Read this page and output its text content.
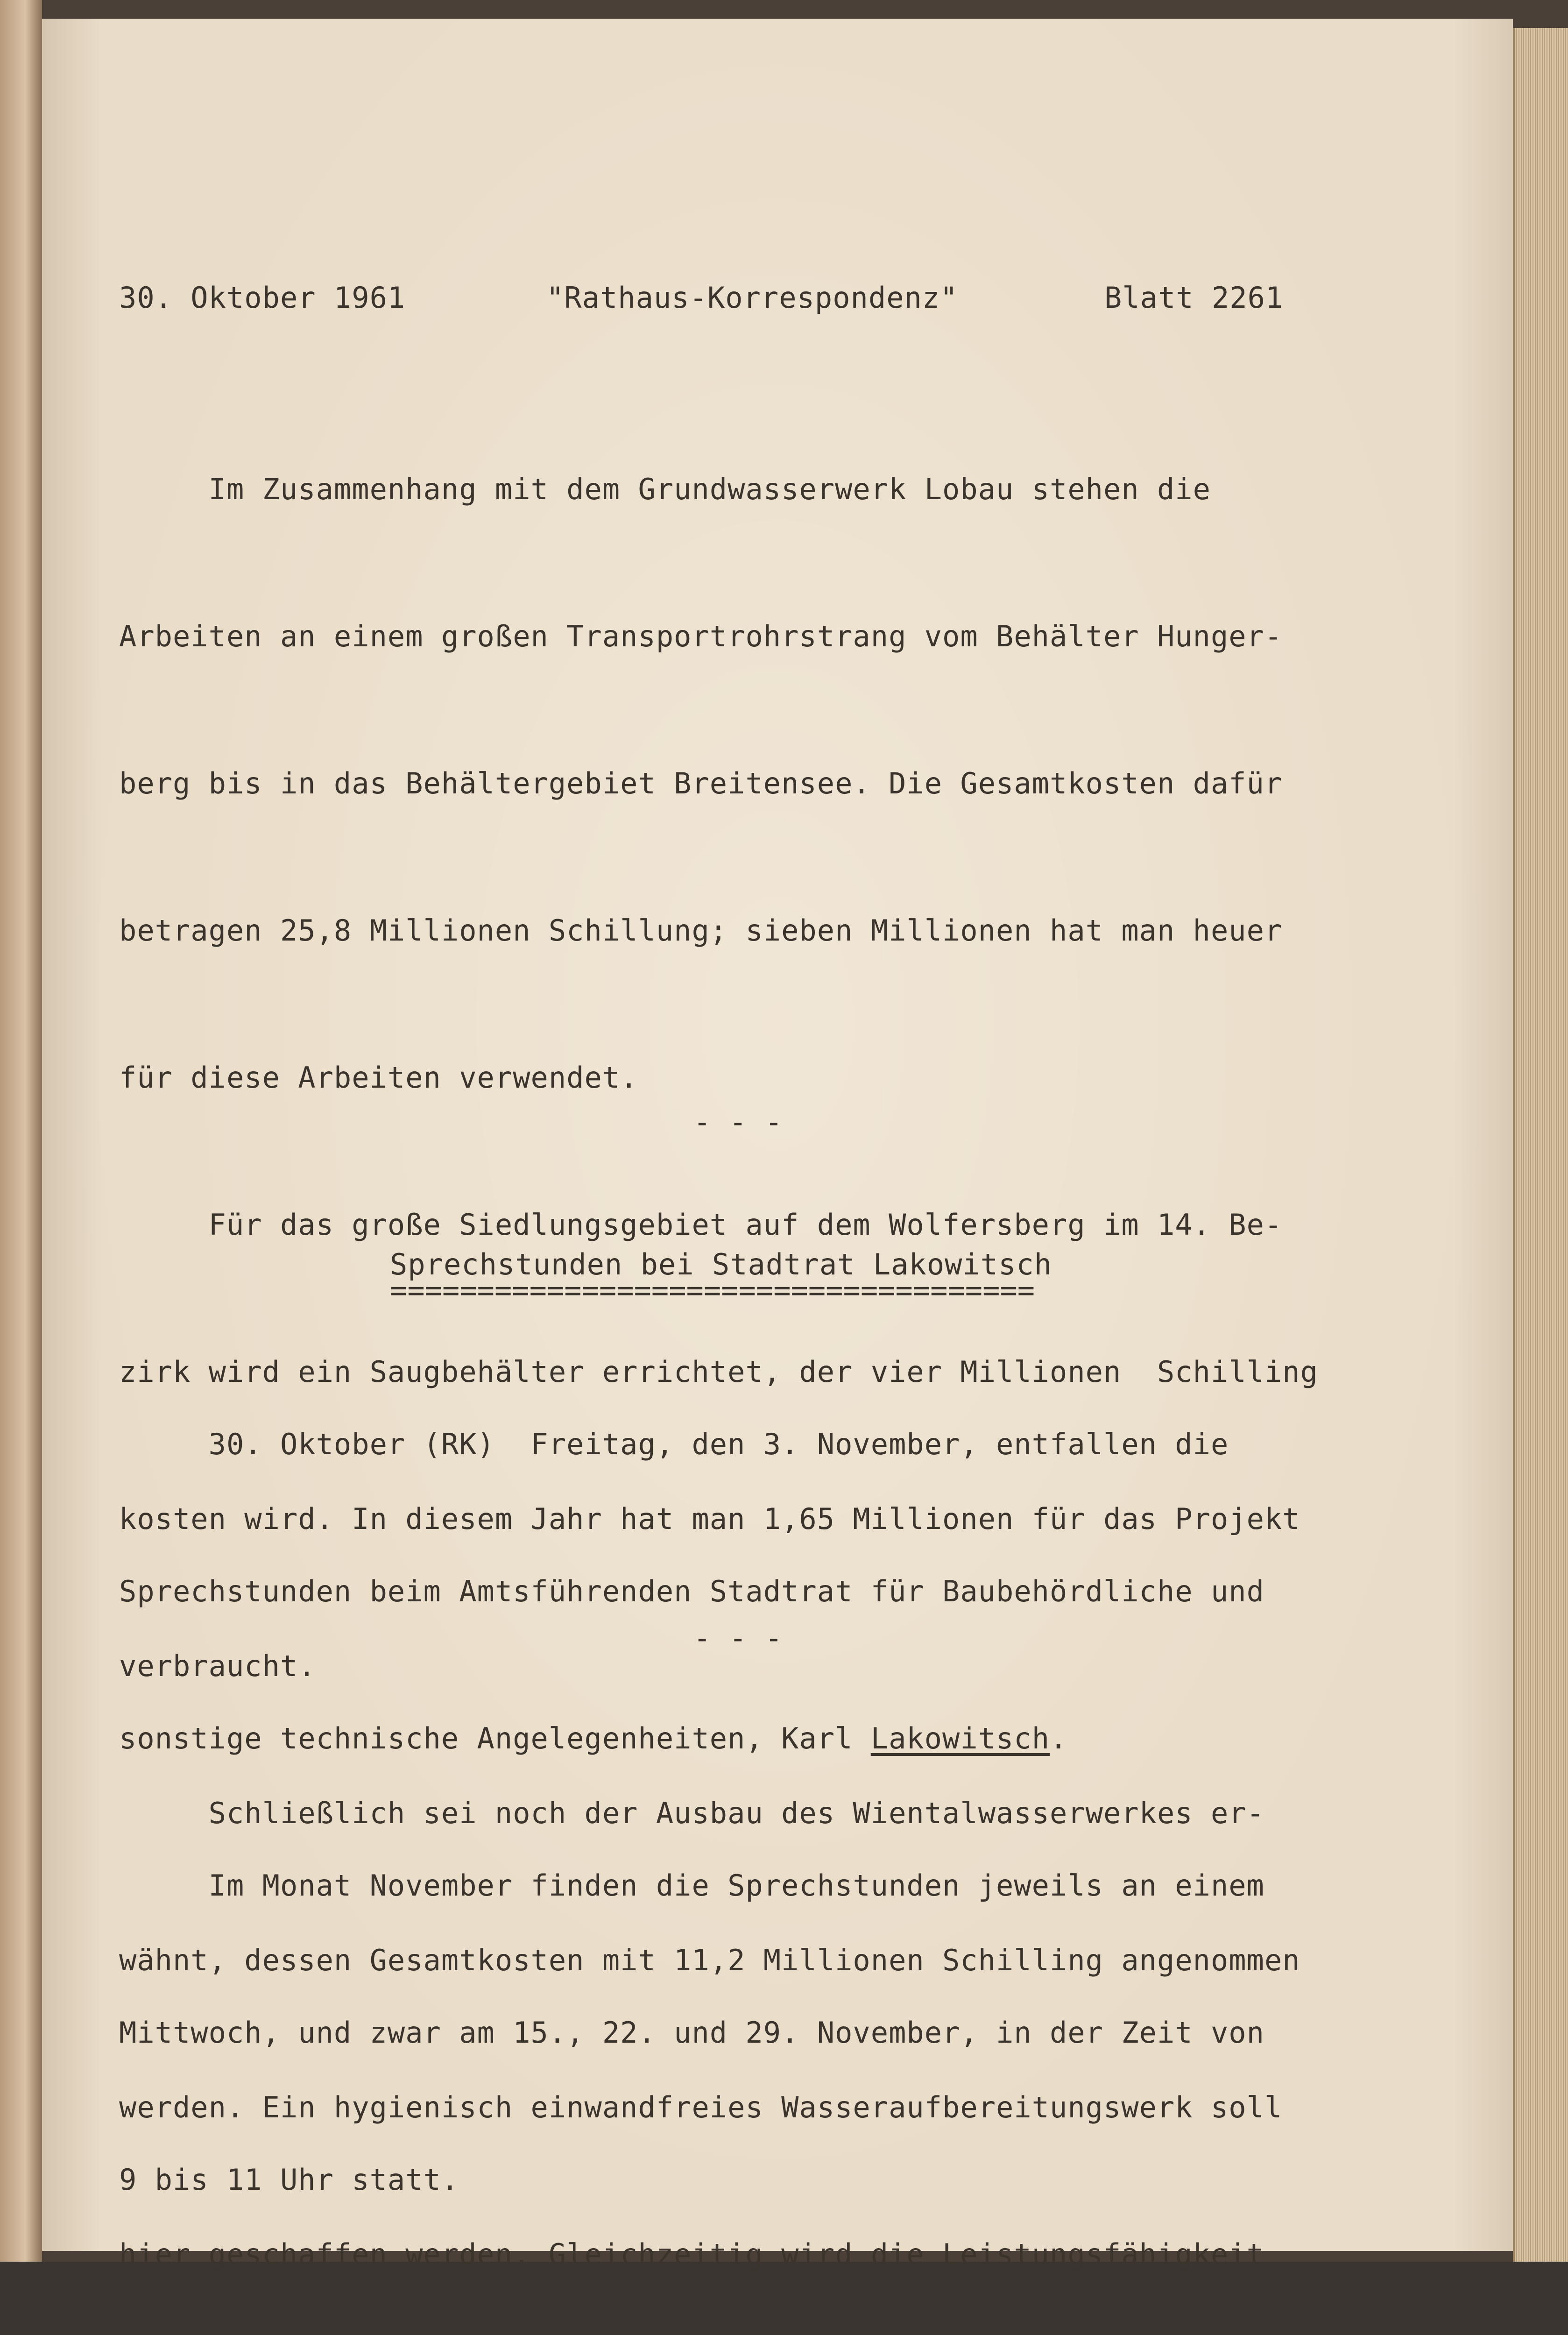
30. Oktober 1961	"Rathaus-Korrespondenz"	Blatt 2261

Im Zusammenhang mit dem Grundwasserwerk Lobau stehen die

Arbeiten an einem großen Transportrohrstrang vom Behälter Hunger-

berg bis in das Behältergebiet Breitensee. Die Gesamtkosten dafür

betragen 25,8 Millionen Schillung; sieben Millionen hat man heuer

für diese Arbeiten verwendet.

Für das große Siedlungsgebiet auf dem Wolfersberg im 14. Be-

zirk wird ein Saugbehälter errichtet, der vier Millionen  Schilling

kosten wird. In diesem Jahr hat man 1,65 Millionen für das Projekt

verbraucht.

Schließlich sei noch der Ausbau des Wientalwasserwerkes er-

wähnt, dessen Gesamtkosten mit 11,2 Millionen Schilling angenommen

werden. Ein hygienisch einwandfreies Wasseraufbereitungswerk soll

hier geschaffen werden. Gleichzeitig wird die Leistungsfähigkeit

- - -
Sprechstunden bei Stadtrat Lakowitsch
=====================================

30. Oktober (RK)  Freitag, den 3. November, entfallen die

Sprechstunden beim Amtsführenden Stadtrat für Baubehördliche und

sonstige technische Angelegenheiten, Karl Lakowitsch.

Im Monat November finden die Sprechstunden jeweils an einem

Mittwoch, und zwar am 15., 22. und 29. November, in der Zeit von

9 bis 11 Uhr statt.

- - -
